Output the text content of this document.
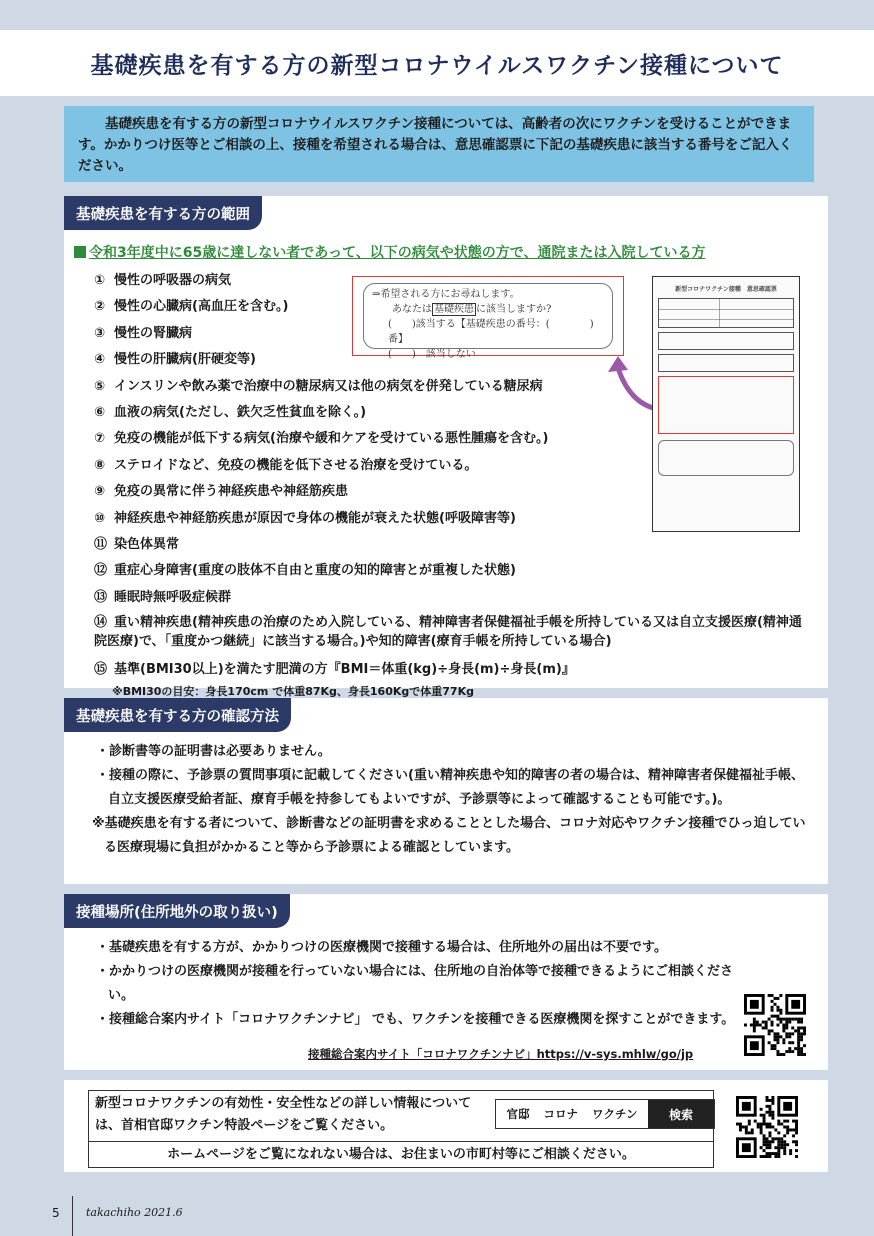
基礎疾患を有する方の新型コロナウイルスワクチン接種について

基礎疾患を有する方の新型コロナウイルスワクチン接種については、高齢者の次にワクチンを受けることができます。かかりつけ医等とご相談の上、接種を希望される場合は、意思確認票に下記の基礎疾患に該当する番号をご記入ください。

基礎疾患を有する方の範囲
令和3年度中に65歳に達しない者であって、以下の病気や状態の方で、通院または入院している方
① 慢性の呼吸器の病気
② 慢性の心臓病(高血圧を含む。)
③ 慢性の腎臓病
④ 慢性の肝臓病(肝硬変等)
⑤ インスリンや飲み薬で治療中の糖尿病又は他の病気を併発している糖尿病
⑥ 血液の病気(ただし、鉄欠乏性貧血を除く。)
⑦ 免疫の機能が低下する病気(治療や緩和ケアを受けている悪性腫瘍を含む。)
⑧ ステロイドなど、免疫の機能を低下させる治療を受けている。
⑨ 免疫の異常に伴う神経疾患や神経筋疾患
⑩ 神経疾患や神経筋疾患が原因で身体の機能が衰えた状態(呼吸障害等)
⑪ 染色体異常
⑫ 重症心身障害(重度の肢体不自由と重度の知的障害とが重複した状態)
⑬ 睡眠時無呼吸症候群
⑭ 重い精神疾患(精神疾患の治療のため入院している、精神障害者保健福祉手帳を所持している又は自立支援医療(精神通院医療)で、「重度かつ継続」に該当する場合。)や知的障害(療育手帳を所持している場合)
⑮ 基準(BMI30以上)を満たす肥満の方『BMI＝体重(kg)÷身長(m)÷身長(m)』
※BMI30の目安：身長170cm で体重87Kg、身長160Kgで体重77Kg
⇒希望される方にお尋ねします。
あなたは 基礎疾患 に該当しますか?
(　　)該当する【基礎疾患の番号：(　　　　)番】
(　　)　該当しない
新型コロナワクチン接種　意思確認票
基礎疾患を有する方の確認方法
・診断書等の証明書は必要ありません。
・接種の際に、予診票の質問事項に記載してください(重い精神疾患や知的障害の者の場合は、精神障害者保健福祉手帳、自立支援医療受給者証、療育手帳を持参してもよいですが、予診票等によって確認することも可能です。)。
※基礎疾患を有する者について、診断書などの証明書を求めることとした場合、コロナ対応やワクチン接種でひっ迫している医療現場に負担がかかること等から予診票による確認としています。
接種場所(住所地外の取り扱い)
・基礎疾患を有する方が、かかりつけの医療機関で接種する場合は、住所地外の届出は不要です。
・かかりつけの医療機関が接種を行っていない場合には、住所地の自治体等で接種できるようにご相談ください。
・接種総合案内サイト「コロナワクチンナビ」 でも、ワクチンを接種できる医療機関を探すことができます。
接種総合案内サイト「コロナワクチンナビ」https://v-sys.mhlw/go/jp
新型コロナワクチンの有効性・安全性などの詳しい情報については、首相官邸ワクチン特設ページをご覧ください。
官邸 コロナ ワクチン	検索
ホームページをご覧になれない場合は、お住まいの市町村等にご相談ください。
5 takachiho 2021.6
